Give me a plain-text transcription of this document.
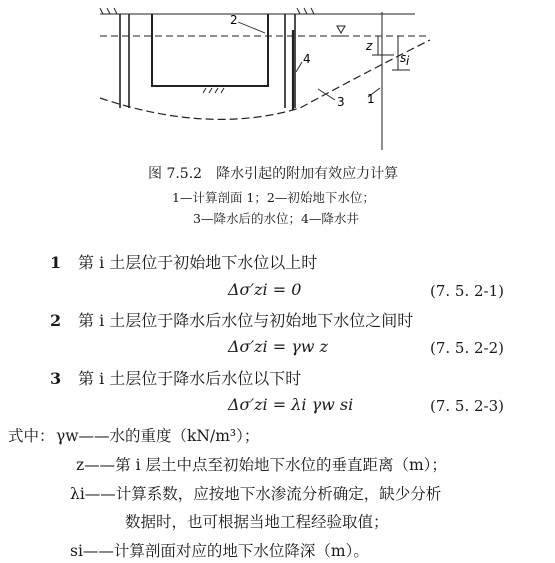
2
4
3 1
z
s i
图 7.5.2　降水引起的附加有效应力计算
1—计算剖面 1；2—初始地下水位；
3—降水后的水位；4—降水井
1 第 i 土层位于初始地下水位以上时
Δσ′zi = 0	(7. 5. 2-1)
2 第 i 土层位于降水后水位与初始地下水位之间时
Δσ′zi = γw z	(7. 5. 2-2)
3 第 i 土层位于降水后水位以下时
Δσ′zi = λi γw si	(7. 5. 2-3)
式中： γw——水的重度（kN/m³）；
z——第 i 层土中点至初始地下水位的垂直距离（m）；
λi——计算系数，应按地下水渗流分析确定，缺少分析
数据时，也可根据当地工程经验取值；
si——计算剖面对应的地下水位降深（m）。
